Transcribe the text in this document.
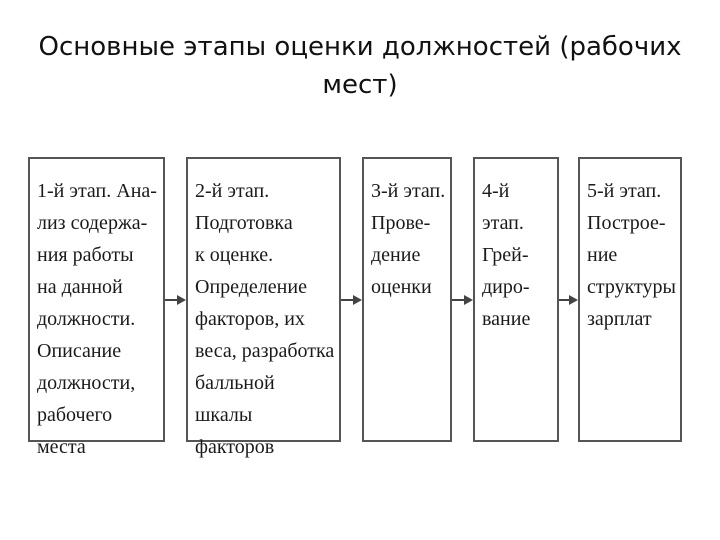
Основные этапы оценки должностей (рабочих мест)
1-й этап. Ана-
лиз содержа-
ния работы
на данной
должности.
Описание
должности,
рабочего места
2-й этап.
Подготовка
к оценке.
Определение
факторов, их
веса, разработка
балльной шкалы
факторов
3-й этап.
Прове-
дение
оценки
4-й этап.
Грей-
диро-
вание
5-й этап.
Построе-
ние
структуры
зарплат
